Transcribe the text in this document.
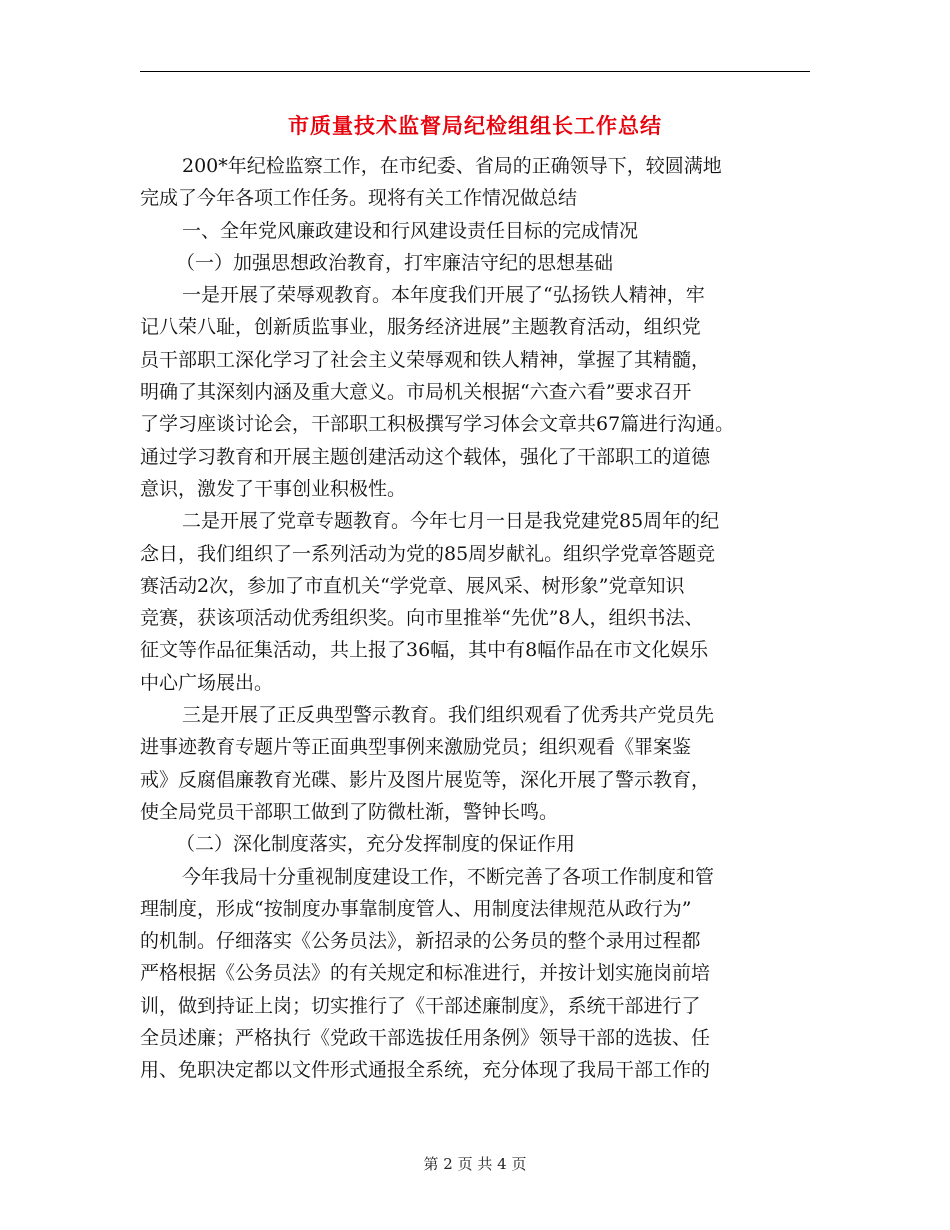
市质量技术监督局纪检组组长工作总结
200*年纪检监察工作，在市纪委、省局的正确领导下，较圆满地
完成了今年各项工作任务。现将有关工作情况做总结
一、全年党风廉政建设和行风建设责任目标的完成情况
（一）加强思想政治教育，打牢廉洁守纪的思想基础
一是开展了荣辱观教育。本年度我们开展了“弘扬铁人精神，牢
记八荣八耻，创新质监事业，服务经济进展”主题教育活动，组织党
员干部职工深化学习了社会主义荣辱观和铁人精神，掌握了其精髓，
明确了其深刻内涵及重大意义。市局机关根据“六查六看”要求召开
了学习座谈讨论会，干部职工积极撰写学习体会文章共67篇进行沟通。
通过学习教育和开展主题创建活动这个载体，强化了干部职工的道德
意识，激发了干事创业积极性。
二是开展了党章专题教育。今年七月一日是我党建党85周年的纪
念日，我们组织了一系列活动为党的85周岁献礼。组织学党章答题竞
赛活动2次，参加了市直机关“学党章、展风采、树形象”党章知识
竞赛，获该项活动优秀组织奖。向市里推举“先优”8人，组织书法、
征文等作品征集活动，共上报了36幅，其中有8幅作品在市文化娱乐
中心广场展出。
三是开展了正反典型警示教育。我们组织观看了优秀共产党员先
进事迹教育专题片等正面典型事例来激励党员；组织观看《罪案鉴
戒》反腐倡廉教育光碟、影片及图片展览等，深化开展了警示教育，
使全局党员干部职工做到了防微杜渐，警钟长鸣。
（二）深化制度落实，充分发挥制度的保证作用
今年我局十分重视制度建设工作，不断完善了各项工作制度和管
理制度，形成“按制度办事靠制度管人、用制度法律规范从政行为”
的机制。仔细落实《公务员法》，新招录的公务员的整个录用过程都
严格根据《公务员法》的有关规定和标准进行，并按计划实施岗前培
训，做到持证上岗；切实推行了《干部述廉制度》，系统干部进行了
全员述廉；严格执行《党政干部选拔任用条例》领导干部的选拔、任
用、免职决定都以文件形式通报全系统，充分体现了我局干部工作的
第 2 页 共 4 页
